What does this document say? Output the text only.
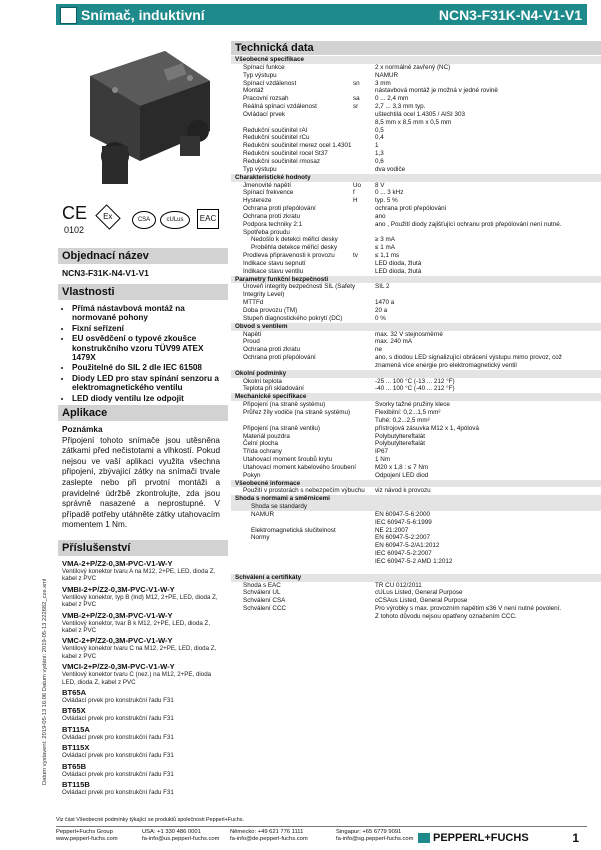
Snímač, induktivní	NCN3-F31K-N4-V1-V1
CE
0102
Ex	CSA	cULus	EAC
Objednací název
NCN3-F31K-N4-V1-V1
Vlastnosti
• Přímá nástavbová montáž na normované pohony
• Fixní seřízení
• EU osvědčení o typové zkoušce konstrukčního vzoru TÜV99 ATEX 1479X
• Použitelné do SIL 2 dle IEC 61508
• Diody LED pro stav spínání senzoru a elektromagnetického ventilu
• LED diody ventilu lze odpojit
Aplikace
Poznámka
Připojení tohoto snímače jsou utěsněna zátkami před nečistotami a vlhkostí. Pokud nejsou ve vaší aplikaci využita všechna připojení, zbývající zátky na snímači trvale zaslepte nebo při prvotní montáži a pravidelné údržbě zkontrolujte, zda jsou správně nasazené a neprostupné. V případě potřeby utáhněte zátky utahovacím momentem 1 Nm.
Příslušenství
VMA-2+P/Z2-0,3M-PVC-V1-W-Y
Ventilový konektor tvaru A na M12, 2+PE, LED, dioda Z, kabel z PVC
VMBI-2+P/Z2-0,3M-PVC-V1-W-Y
Ventilový konektor, typ B (Ind) M12, 2+PE, LED, dioda Z, kabel z PVC
VMB-2+P/Z2-0,3M-PVC-V1-W-Y
Ventilový konektor, tvar B k M12, 2+PE, LED, dioda Z, kabel z PVC
VMC-2+P/Z2-0,3M-PVC-V1-W-Y
Ventilový konektor tvaru C na M12, 2+PE, LED, dioda Z, kabel z PVC
VMCI-2+P/Z2-0,3M-PVC-V1-W-Y
Ventilový konektor tvaru C (nez.) na M12, 2+PE, dioda LED, dioda Z, kabel z PVC
BT65A
Ovládací prvek pro konstrukční řadu F31
BT65X
Ovládací prvek pro konstrukční řadu F31
BT115A
Ovládací prvek pro konstrukční řadu F31
BT115X
Ovládací prvek pro konstrukční řadu F31
BT65B
Ovládací prvek pro konstrukční řadu F31
BT115B
Ovládací prvek pro konstrukční řadu F31
Datum vystavení: 2019-05-13 16:06 Datum vydání: 2019-05-13 222682_cze.xml
Technická data
Všeobecné specifikace
Spínací funkce	2 x normálně zavřený (NC)
Typ výstupu	NAMUR
Spínací vzdálenost	sn 3 mm
Montáž	nástavbová montáž je možná v jedné rovině
Pracovní rozsah	sa 0 ... 2,4 mm
Reálná spínací vzdálenost	sr	2,7 ... 3,3 mm typ.
Ovládací prvek	uštechtilá ocel 1.4305 / AISI 303
8,5 mm x 8,5 mm x 0,5 mm
Redukční součinitel rAl	0,5
Redukční součinitel rCu	0,4
Redukční součinitel rnerez ocel 1.4301	1
Redukční součinitel rocel St37	1,3
Redukční součinitel rmosaz	0,6
Typ výstupu	dva vodiče
Charakteristické hodnoty
Jmenovité napětí	Uo 8 V
Spínací frekvence	f	0 ... 3 kHz
Hystereze	H	typ. 5 %
Ochrana proti přepólování	ochrana proti přepólování
Ochrana proti zkratu	ano
Podpora techniky 2:1	ano , Použití diody zajišťující ochranu proti přepólování není nutné.
Spotřeba proudu
Nedošlo k detekci měřicí desky	≥ 3 mA
Proběhla detekce měřicí desky	≤ 1 mA
Prodleva připravenosti k provozu	tv	≤ 1,1 ms
Indikace stavu sepnutí	LED dioda, žlutá
Indikace stavu ventilu	LED dioda, žlutá
Parametry funkční bezpečnosti
Úroveň integrity bezpečnosti SIL (Safety	SIL 2
Integrity Level)
MTTFd	1470 a
Doba provozu (TM)	20 a
Stupeň diagnostického pokrytí (DC)	0 %
Obvod s ventilem
Napětí	max. 32 V stejnosměrné
Proud	max. 240 mA
Ochrana proti zkratu	ne
Ochrana proti přepólování	ano, s diodou LED signalizující obrácení výstupu mimo provoz, což
znamená více energie pro elektromagnetický ventil
Okolní podmínky
Okolní teplota	-25 ... 100 °C (-13 ... 212 °F)
Teplota při skladování	-40 ... 100 °C (-40 ... 212 °F)
Mechanické specifikace
Připojení (na straně systému)	Svorky tažné pružiny klece
Průřez žíly vodiče (na straně systému)	Flexibilní: 0,2...1,5 mm²
Tuhé: 0,2...2,5 mm²
Připojení (na straně ventilu)	přístrojová zásuvka M12 x 1, 4pólová
Materiál pouzdra	Polybutyltereftalát
Čelní plocha	Polybutyltereftalát
Třída ochrany	IP67
Utahovací moment šroubů krytu	1 Nm
Utahovací moment kabelového šroubení	M20 x 1,8 : ≤ 7 Nm
Pokyn	Odpojení LED diod
Všeobecné informace
Použití v prostorách s nebezpečím výbuchu viz návod k provozu
Shoda s normami a směrnicemi
Shoda se standardy
NAMUR	EN 60947-5-6:2000
IEC 60947-5-6:1999
Elektromagnetická slučitelnost	NE 21:2007
Normy	EN 60947-5-2:2007
EN 60947-5-2/A1:2012
IEC 60947-5-2:2007
IEC 60947-5-2 AMD 1:2012
Schválení a certifikáty
Shoda s EAC	TR CU 012/2011
Schválení UL	cULus Listed, General Purpose
Schválení CSA	cCSAus Listed, General Purpose
Schválení CCC	Pro výrobky s max. provozním napětím ≤36 V není nutné povolení.
Z tohoto důvodu nejsou opatřeny označením CCC.
Viz část Všeobecné podmínky týkající se produktů společnosti Pepperl+Fuchs.
Pepperl+Fuchs Group
www.pepperl-fuchs.com
USA: +1 330 486 0001
fa-info@us.pepperl-fuchs.com
Německo: +49 621 776 1111
fa-info@de.pepperl-fuchs.com
Singapur: +65 6779 9091
fa-info@sg.pepperl-fuchs.com	PEPPERL+FUCHS	1
